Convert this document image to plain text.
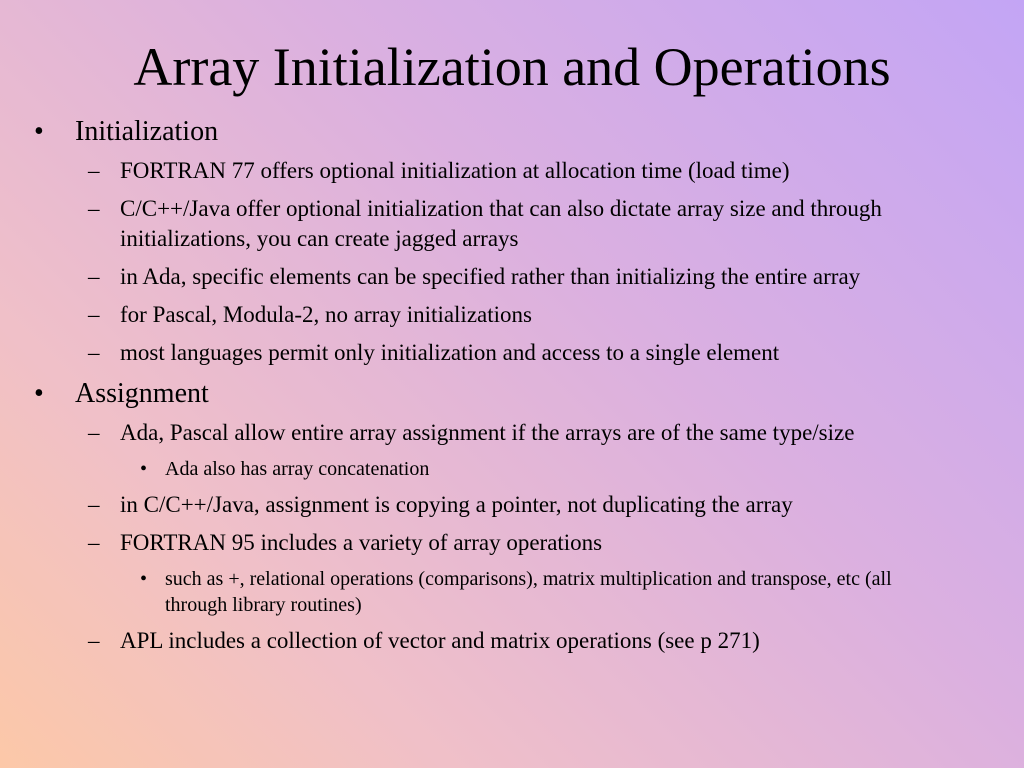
Array Initialization and Operations
• Initialization
– FORTRAN 77 offers optional initialization at allocation time (load time)
– C/C++/Java offer optional initialization that can also dictate array size and through initializations, you can create jagged arrays
– in Ada, specific elements can be specified rather than initializing the entire array
– for Pascal, Modula-2, no array initializations
– most languages permit only initialization and access to a single element
• Assignment
– Ada, Pascal allow entire array assignment if the arrays are of the same type/size
• Ada also has array concatenation
– in C/C++/Java, assignment is copying a pointer, not duplicating the array
– FORTRAN 95 includes a variety of array operations
• such as +, relational operations (comparisons), matrix multiplication and transpose, etc (all through library routines)
– APL includes a collection of vector and matrix operations (see p 271)
